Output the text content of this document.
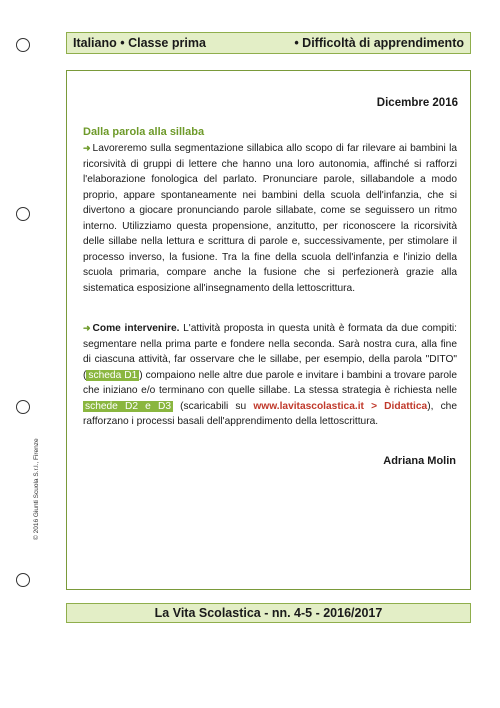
Italiano • Classe prima	• Difficoltà di apprendimento
Dicembre 2016
Dalla parola alla sillaba

➜ Lavoreremo sulla segmentazione sillabica allo scopo di far rilevare ai bambini la ricorsività di gruppi di lettere che hanno una loro autonomia, affinché si rafforzi l'elaborazione fonologica del parlato. Pronunciare parole, sillabandole a modo proprio, appare spontaneamente nei bambini della scuola dell'infanzia, che si divertono a giocare pronunciando parole sillabate, come se seguissero un ritmo interno. Utilizziamo questa propensione, anzitutto, per riconoscere la ricorsività delle sillabe nella lettura e scrittura di parole e, successivamente, per stimolare il processo inverso, la fusione. Tra la fine della scuola dell'infanzia e l'inizio della scuola primaria, compare anche la fusione che si perfezionerà grazie alla sistematica esposizione all'insegnamento della lettoscrittura.

➜ Come intervenire. L'attività proposta in questa unità è formata da due compiti: segmentare nella prima parte e fondere nella seconda. Sarà nostra cura, alla fine di ciascuna attività, far osservare che le sillabe, per esempio, della parola "DITO" ( scheda D1 ) compaiono nelle altre due parole e invitare i bambini a trovare parole che iniziano e/o terminano con quelle sillabe. La stessa strategia è richiesta nelle schede D2 e D3 (scaricabili su www.lavitascolastica.it > Didattica), che rafforzano i processi basali dell'apprendimento della lettoscrittura.

Adriana Molin
© 2016 Giunti Scuola S.r.l., Firenze
La Vita Scolastica - nn. 4-5 - 2016/2017
